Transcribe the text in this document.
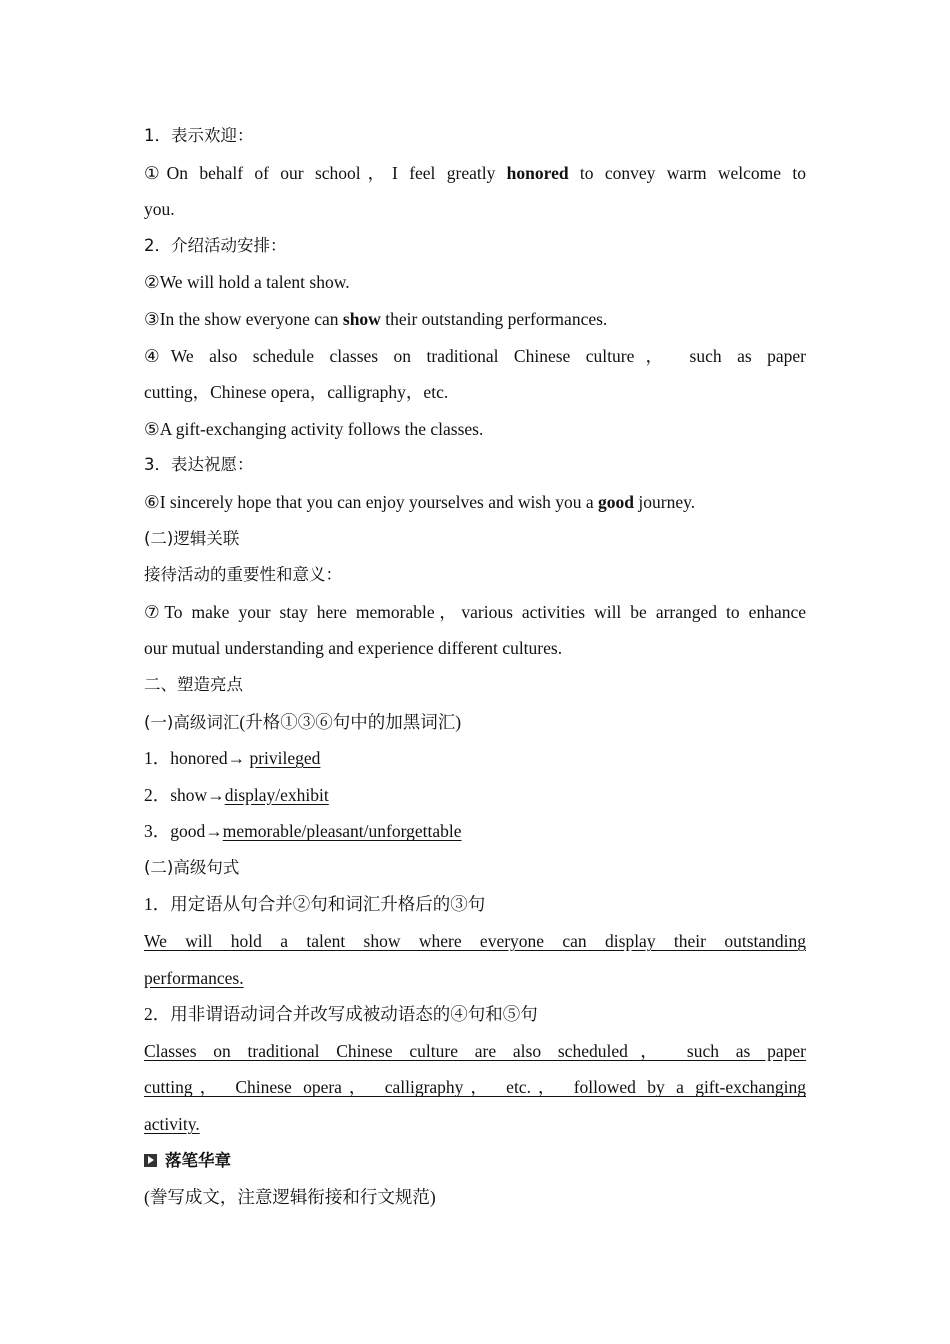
1．表示欢迎：
①On behalf of our school，I feel greatly honored to convey warm welcome to
you.
2．介绍活动安排：
②We will hold a talent show.
③In the show everyone can show their outstanding performances.
④We also schedule classes on traditional Chinese culture， such as paper
cutting，Chinese opera，calligraphy，etc.
⑤A gift-exchanging activity follows the classes.
3．表达祝愿：
⑥I sincerely hope that you can enjoy yourselves and wish you a good journey.
(二)逻辑关联
接待活动的重要性和意义：
⑦To make your stay here memorable，various activities will be arranged to enhance
our mutual understanding and experience different cultures.
二、塑造亮点
(一)高级词汇(升格①③⑥句中的加黑词汇)
1．honored→ privileged
2．show→display/exhibit
3．good→memorable/pleasant/unforgettable
(二)高级句式
1．用定语从句合并②句和词汇升格后的③句
We will hold a talent show where everyone can display their outstanding
performances.
2．用非谓语动词合并改写成被动语态的④句和⑤句
Classes on traditional Chinese culture are also scheduled， such as paper
cutting， Chinese opera， calligraphy， etc.， followed by a gift-exchanging
activity.
落笔华章
(誊写成文，注意逻辑衔接和行文规范)
